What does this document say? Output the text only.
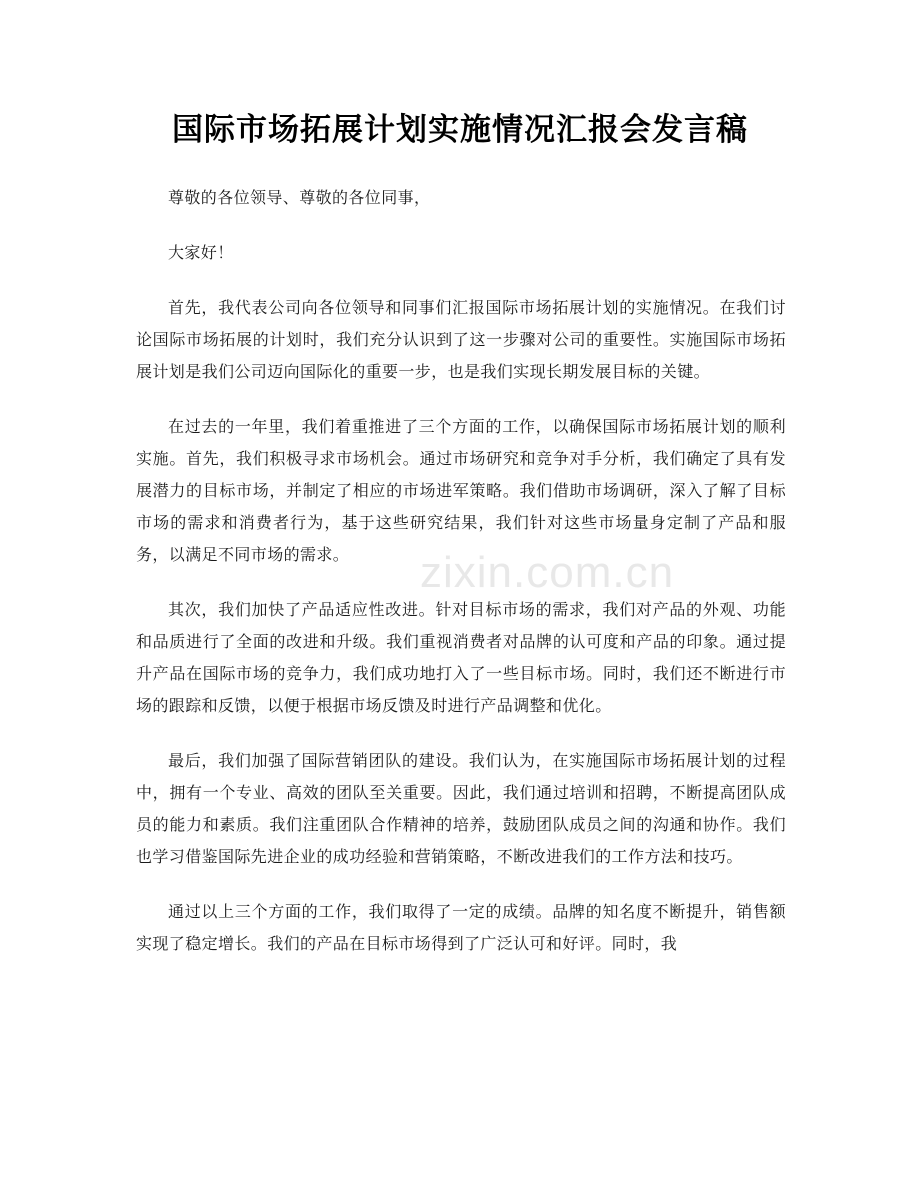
国际市场拓展计划实施情况汇报会发言稿
zixin.com.cn

尊敬的各位领导、尊敬的各位同事，

大家好！

首先，我代表公司向各位领导和同事们汇报国际市场拓展计划的实施情况。在我们讨论国际市场拓展的计划时，我们充分认识到了这一步骤对公司的重要性。实施国际市场拓展计划是我们公司迈向国际化的重要一步，也是我们实现长期发展目标的关键。

在过去的一年里，我们着重推进了三个方面的工作，以确保国际市场拓展计划的顺利实施。首先，我们积极寻求市场机会。通过市场研究和竞争对手分析，我们确定了具有发展潜力的目标市场，并制定了相应的市场进军策略。我们借助市场调研，深入了解了目标市场的需求和消费者行为，基于这些研究结果，我们针对这些市场量身定制了产品和服务，以满足不同市场的需求。

其次，我们加快了产品适应性改进。针对目标市场的需求，我们对产品的外观、功能和品质进行了全面的改进和升级。我们重视消费者对品牌的认可度和产品的印象。通过提升产品在国际市场的竞争力，我们成功地打入了一些目标市场。同时，我们还不断进行市场的跟踪和反馈，以便于根据市场反馈及时进行产品调整和优化。

最后，我们加强了国际营销团队的建设。我们认为，在实施国际市场拓展计划的过程中，拥有一个专业、高效的团队至关重要。因此，我们通过培训和招聘，不断提高团队成员的能力和素质。我们注重团队合作精神的培养，鼓励团队成员之间的沟通和协作。我们也学习借鉴国际先进企业的成功经验和营销策略，不断改进我们的工作方法和技巧。

通过以上三个方面的工作，我们取得了一定的成绩。品牌的知名度不断提升，销售额实现了稳定增长。我们的产品在目标市场得到了广泛认可和好评。同时，我
